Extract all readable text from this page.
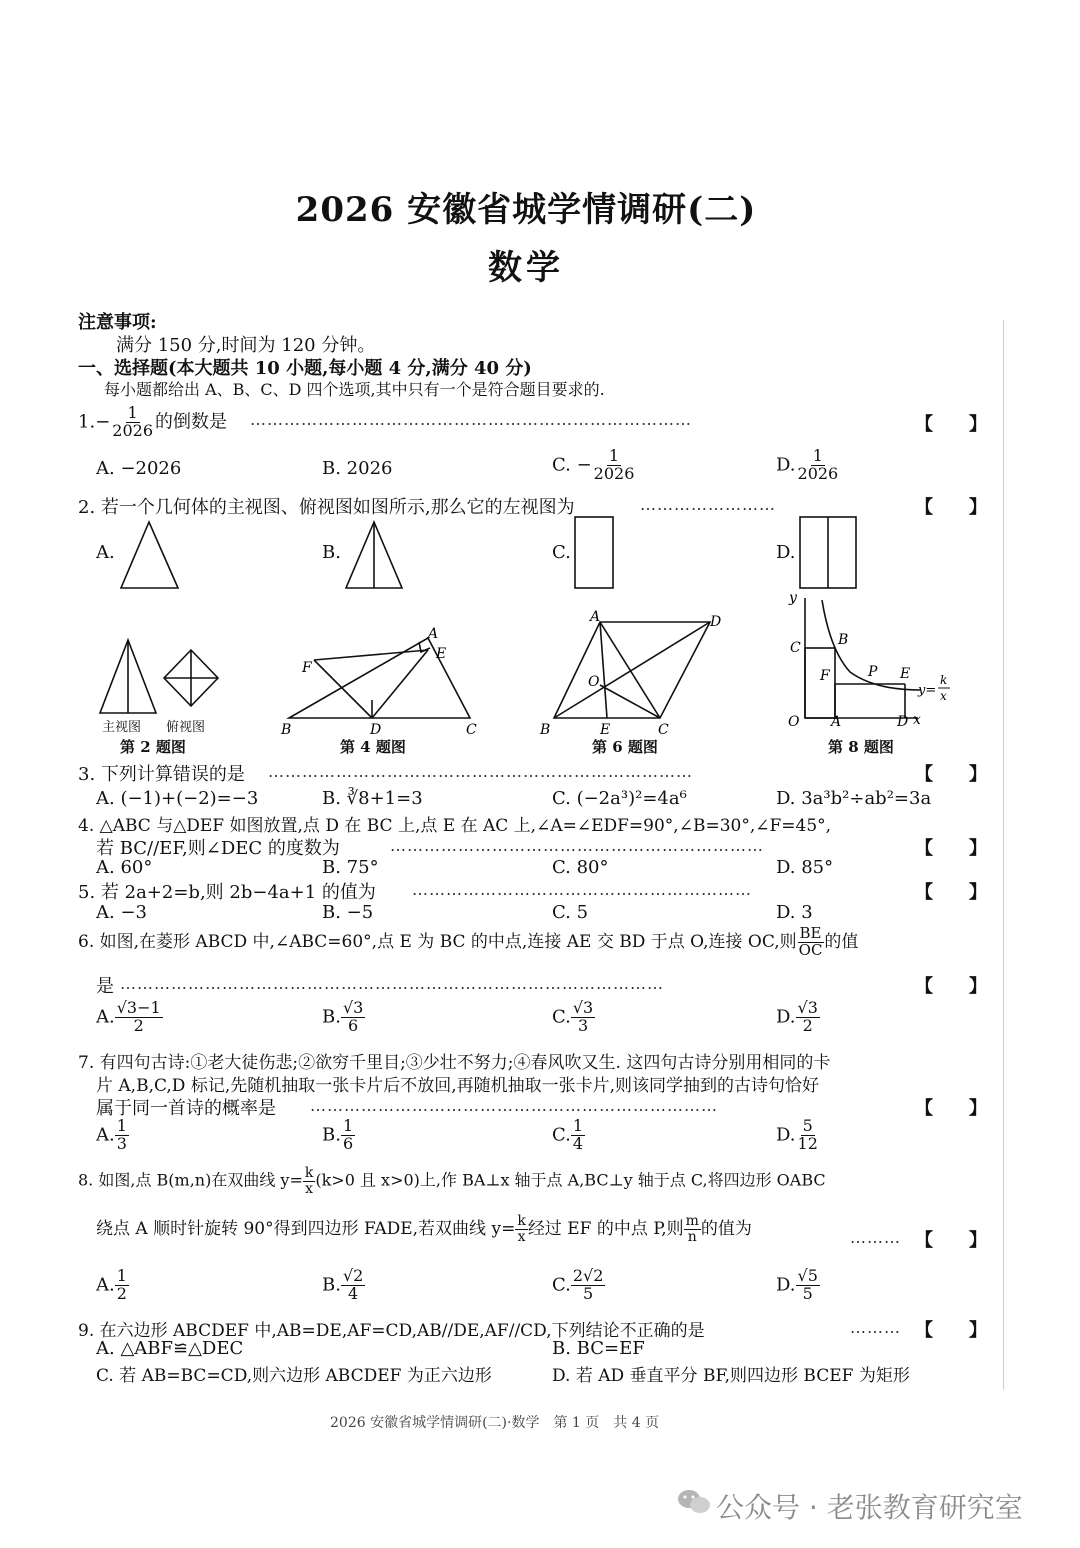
2026 安徽省城学情调研(二)
数学
注意事项:
满分 150 分,时间为 120 分钟。
一、选择题(本大题共 10 小题,每小题 4 分,满分 40 分)
每小题都给出 A、B、C、D 四个选项,其中只有一个是符合题目要求的.
$1.- \frac{1}{2026}$ 的倒数是 ……………………………………………………………………	【　　】
A. −2026	B. 2026	C. − $\frac{1}{2026}$	D. $\frac{1}{2026}$
2. 若一个几何体的主视图、俯视图如图所示,那么它的左视图为	……………………	【　　】
A.	B.	C.	D.
B	C
A
E
F
D
A	D
B	C
E
O
y
x
C	B
F	P E
O A	D
y=
k
x
主视图 俯视图
第 2 题图	第 4 题图	第 6 题图	第 8 题图
3. 下列计算错误的是 …………………………………………………………………	【　　】
A. (−1)+(−2)=−3	B. ∛8+1=3	C. (−2a³)²=4a⁶	D. 3a³b²÷ab²=3a
4. △ABC 与△DEF 如图放置,点 D 在 BC 上,点 E 在 AC 上,∠A=∠EDF=90°,∠B=30°,∠F=45°,
若 BC//EF,则∠DEC 的度数为	…………………………………………………………	【　　】
A. 60°	B. 75°	C. 80°	D. 85°
5. 若 2a+2=b,则 2b−4a+1 的值为 ……………………………………………………	【　　】
A. −3	B. −5	C. 5	D. 3
6. 如图,在菱形 ABCD 中,∠ABC=60°,点 E 为 BC 的中点,连接 AE 交 BD 于点 O,连接 OC,则 $\frac{BE}{OC}$ 的值
是 ……………………………………………………………………………………	【　　】
A. $\frac{√3-1}{2}$	B. $\frac{√3}{6}$	C. $\frac{√3}{3}$	D. $\frac{√3}{2}$
7. 有四句古诗:①老大徒伤悲;②欲穷千里目;③少壮不努力;④春风吹又生. 这四句古诗分别用相同的卡
片 A,B,C,D 标记,先随机抽取一张卡片后不放回,再随机抽取一张卡片,则该同学抽到的古诗句恰好
属于同一首诗的概率是 ………………………………………………………………	【　　】
A. $\frac{1}{3}$	B. $\frac{1}{6}$	C. $\frac{1}{4}$	D. $\frac{5}{12}$
8. 如图,点 B(m,n)在双曲线 $y= \frac{k}{x} (k>0$ 且 x>0)上,作 BA⊥x 轴于点 A,BC⊥y 轴于点 C,将四边形 OABC
绕点 A 顺时针旋转 90°得到四边形 FADE,若双曲线 $y= \frac{k}{x}$ 经过 EF 的中点 P,则 $\frac{m}{n}$ 的值为	……… 【　　】
A. $\frac{1}{2}$	B. $\frac{√2}{4}$	C. $\frac{2√2}{5}$	D. $\frac{√5}{5}$
9. 在六边形 ABCDEF 中,AB=DE,AF=CD,AB//DE,AF//CD,下列结论不正确的是	……… 【　　】
A. △ABF≌△DEC	B. BC=EF
C. 若 AB=BC=CD,则六边形 ABCDEF 为正六边形	D. 若 AD 垂直平分 BF,则四边形 BCEF 为矩形
2026 安徽省城学情调研(二)·数学　第 1 页　共 4 页
公众号 · 老张教育研究室
